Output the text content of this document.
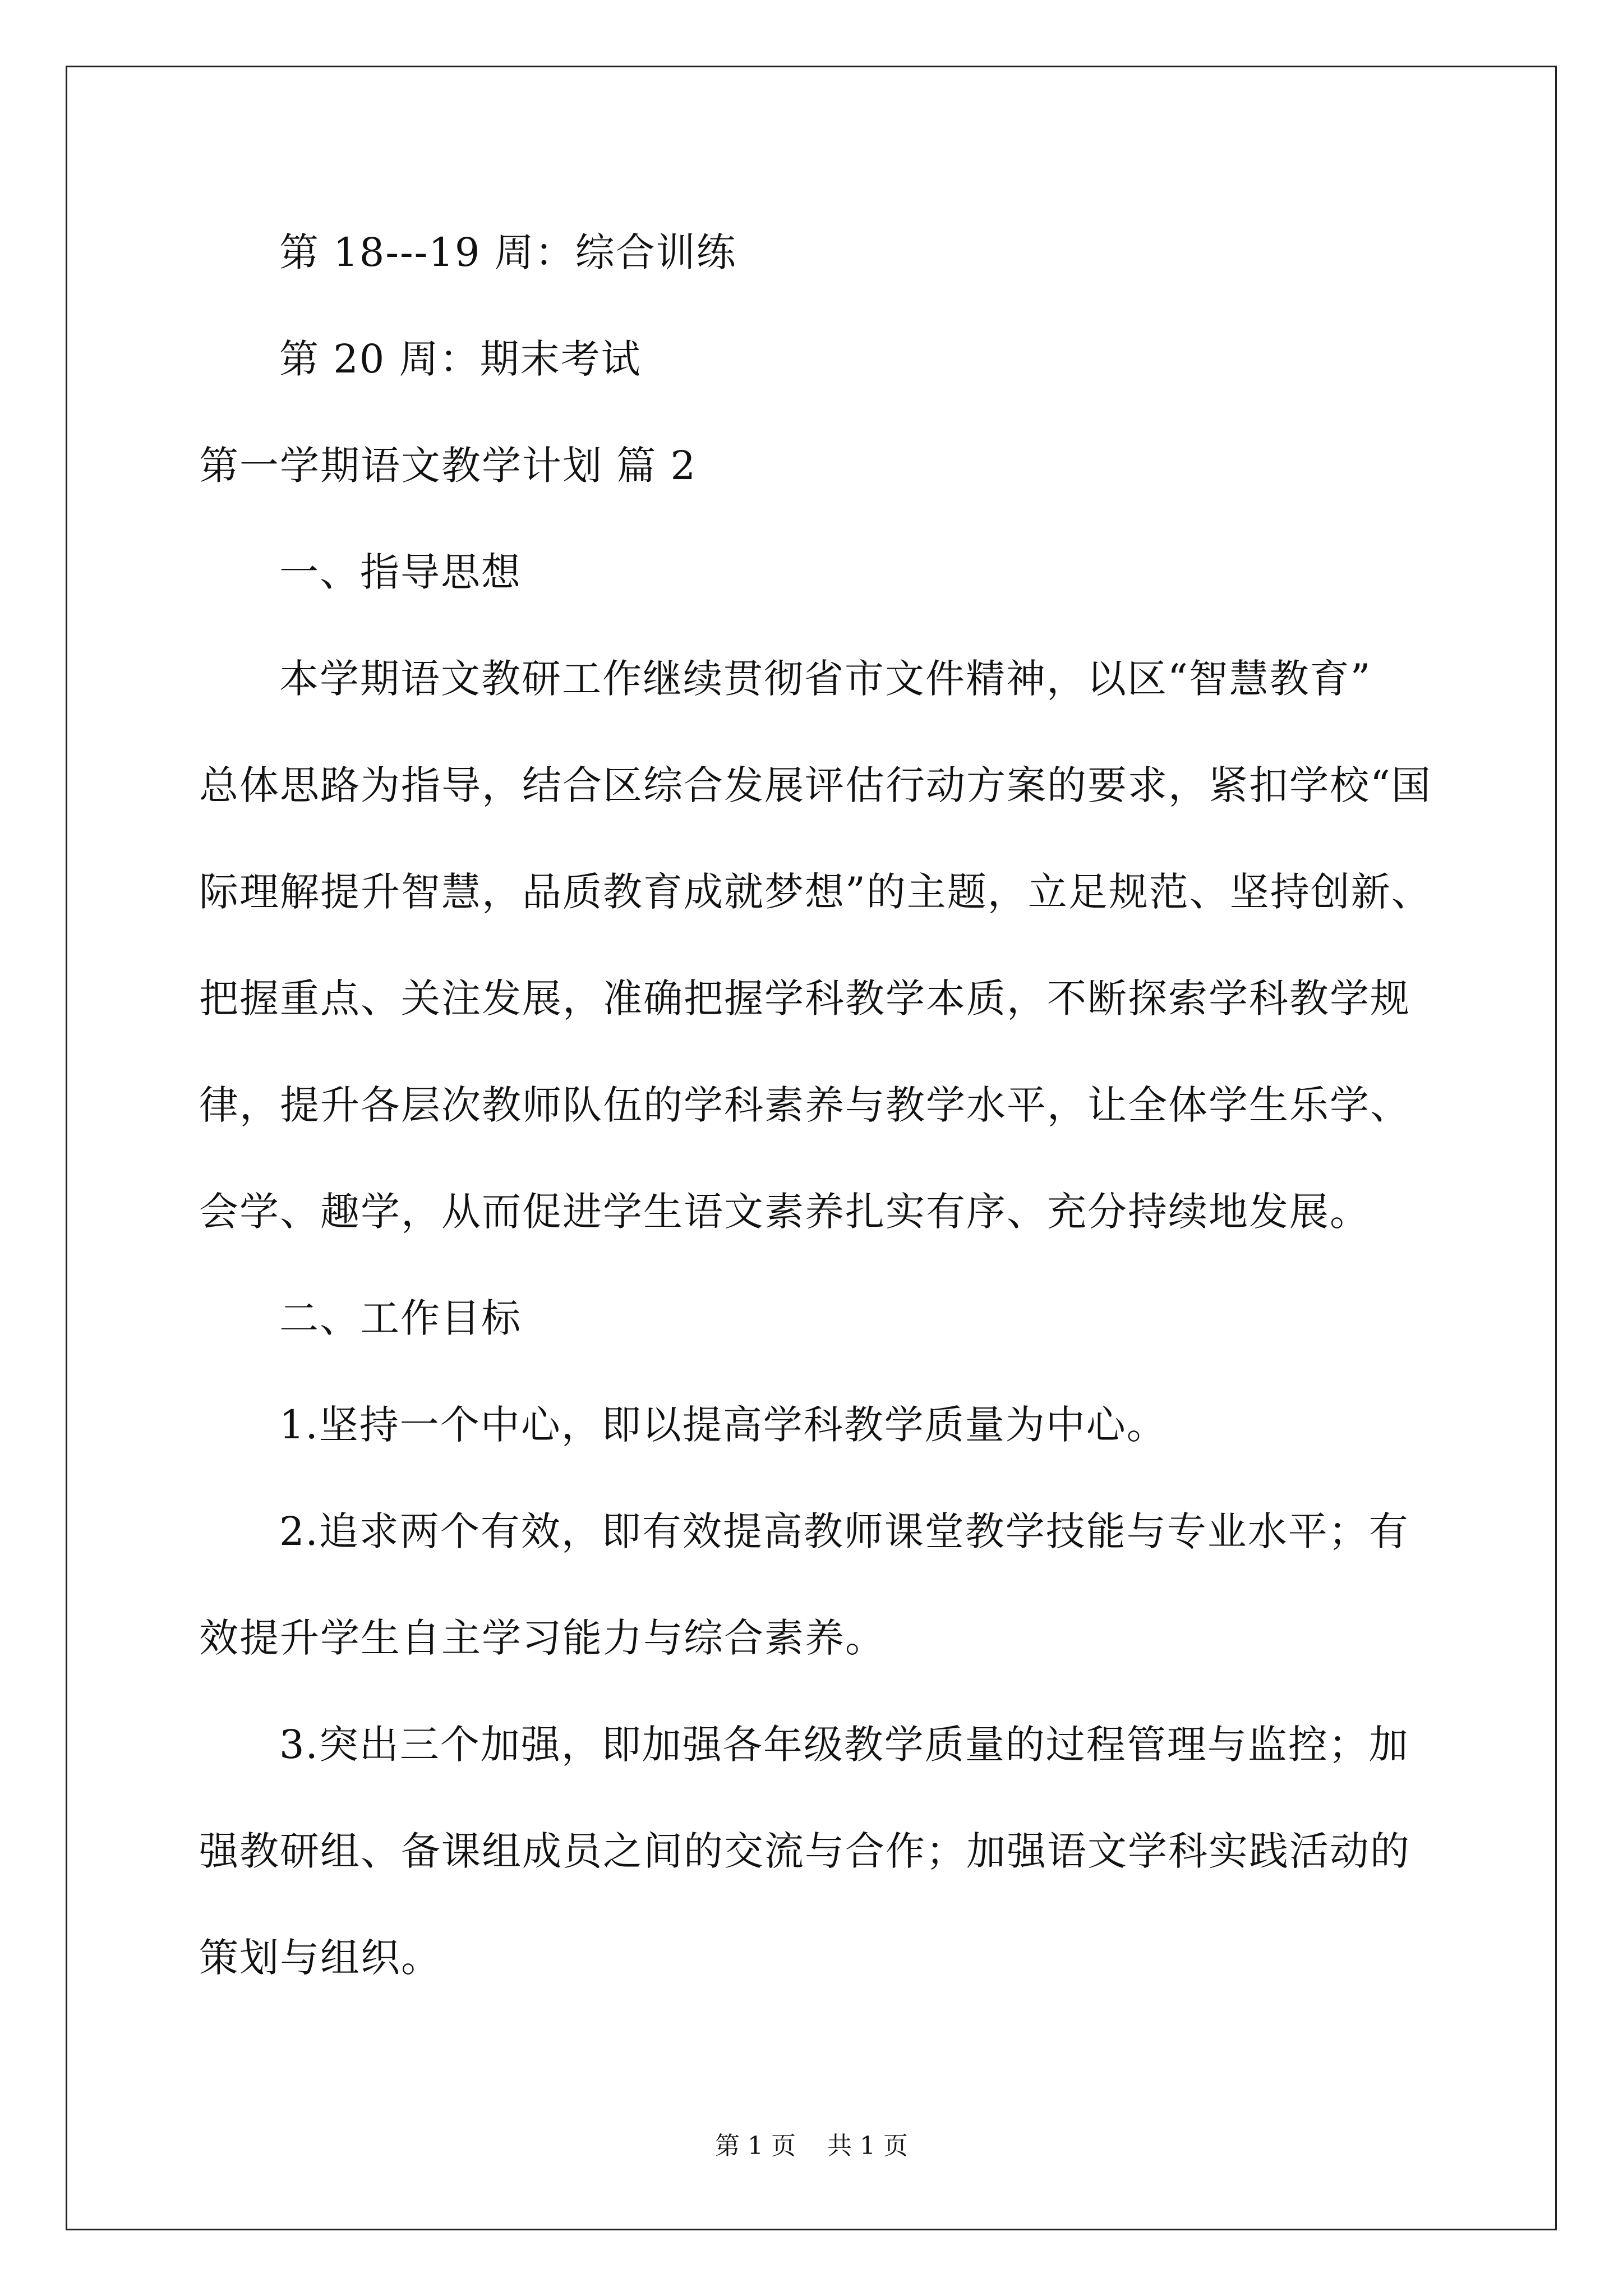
第 18---19 周：综合训练
第 20 周：期末考试
第一学期语文教学计划 篇 2
一、指导思想
本学期语文教研工作继续贯彻省市文件精神，以区“智慧教育”
总体思路为指导，结合区综合发展评估行动方案的要求，紧扣学校“国
际理解提升智慧，品质教育成就梦想”的主题，立足规范、坚持创新、
把握重点、关注发展，准确把握学科教学本质，不断探索学科教学规
律，提升各层次教师队伍的学科素养与教学水平，让全体学生乐学、
会学、趣学，从而促进学生语文素养扎实有序、充分持续地发展。
二、工作目标
1.坚持一个中心，即以提高学科教学质量为中心。
2.追求两个有效，即有效提高教师课堂教学技能与专业水平；有
效提升学生自主学习能力与综合素养。
3.突出三个加强，即加强各年级教学质量的过程管理与监控；加
强教研组、备课组成员之间的交流与合作；加强语文学科实践活动的
策划与组织。
第 1 页    共 1 页
